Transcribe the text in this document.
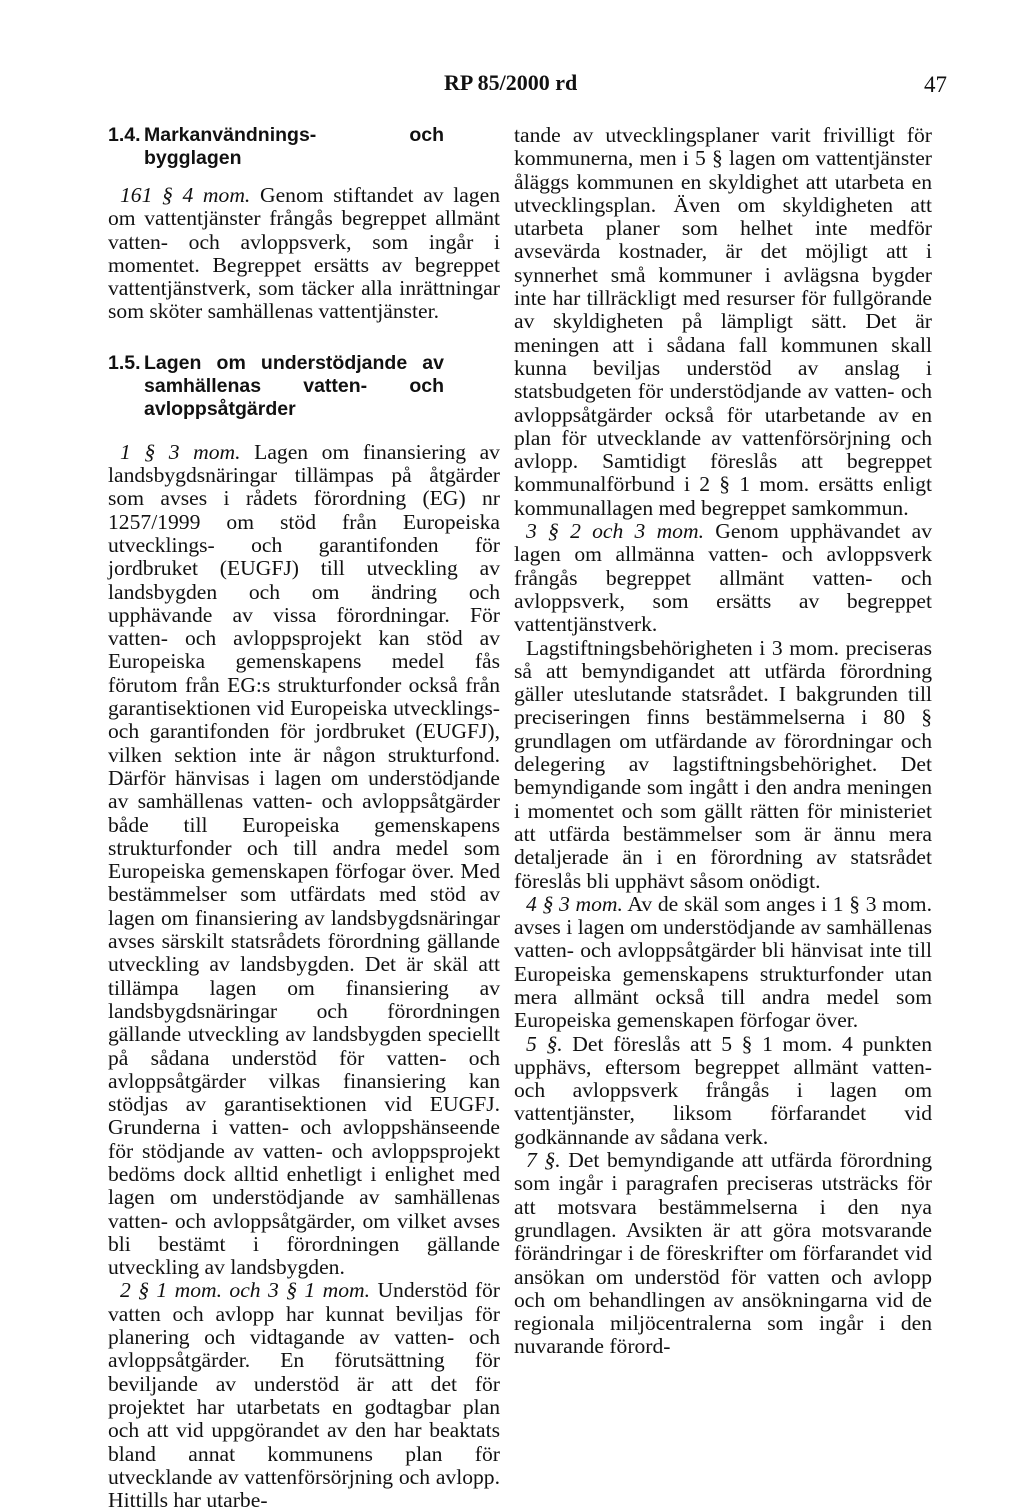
RP 85/2000 rd	47
1.4. Markanvändnings- och bygglagen

161 § 4 mom. Genom stiftandet av lagen om vattentjänster frångås begreppet allmänt vatten- och avloppsverk, som ingår i momentet. Begreppet ersätts av begreppet vattentjänstverk, som täcker alla inrättningar som sköter samhällenas vattentjänster.

1.5. Lagen om understödjande av samhällenas vatten- och avloppsåtgärder

1 § 3 mom. Lagen om finansiering av landsbygdsnäringar tillämpas på åtgärder som avses i rådets förordning (EG) nr 1257/1999 om stöd från Europeiska utvecklings- och garantifonden för jordbruket (EUGFJ) till utveckling av landsbygden och om ändring och upphävande av vissa förordningar. För vatten- och avloppsprojekt kan stöd av Europeiska gemenskapens medel fås förutom från EG:s strukturfonder också från garantisektionen vid Europeiska utvecklings- och garantifonden för jordbruket (EUGFJ), vilken sektion inte är någon strukturfond. Därför hänvisas i lagen om understödjande av samhällenas vatten- och avloppsåtgärder både till Europeiska gemenskapens strukturfonder och till andra medel som Europeiska gemenskapen förfogar över. Med bestämmelser som utfärdats med stöd av lagen om finansiering av landsbygdsnäringar avses särskilt statsrådets förordning gällande utveckling av landsbygden. Det är skäl att tillämpa lagen om finansiering av landsbygdsnäringar och förordningen gällande utveckling av landsbygden speciellt på sådana understöd för vatten- och avloppsåtgärder vilkas finansiering kan stödjas av garantisektionen vid EUGFJ. Grunderna i vatten- och avloppshänseende för stödjande av vatten- och avloppsprojekt bedöms dock alltid enhetligt i enlighet med lagen om understödjande av samhällenas vatten- och avloppsåtgärder, om vilket avses bli bestämt i förordningen gällande utveckling av landsbygden.

2 § 1 mom. och 3 § 1 mom. Understöd för vatten och avlopp har kunnat beviljas för planering och vidtagande av vatten- och avloppsåtgärder. En förutsättning för beviljande av understöd är att det för projektet har utarbetats en godtagbar plan och att vid uppgörandet av den har beaktats bland annat kommunens plan för utvecklande av vattenförsörjning och avlopp. Hittills har utarbe-

tande av utvecklingsplaner varit frivilligt för kommunerna, men i 5 § lagen om vattentjänster åläggs kommunen en skyldighet att utarbeta en utvecklingsplan. Även om skyldigheten att utarbeta planer som helhet inte medför avsevärda kostnader, är det möjligt att i synnerhet små kommuner i avlägsna bygder inte har tillräckligt med resurser för fullgörande av skyldigheten på lämpligt sätt. Det är meningen att i sådana fall kommunen skall kunna beviljas understöd av anslag i statsbudgeten för understödjande av vatten- och avloppsåtgärder också för utarbetande av en plan för utvecklande av vattenförsörjning och avlopp. Samtidigt föreslås att begreppet kommunalförbund i 2 § 1 mom. ersätts enligt kommunallagen med begreppet samkommun.

3 § 2 och 3 mom. Genom upphävandet av lagen om allmänna vatten- och avloppsverk frångås begreppet allmänt vatten- och avloppsverk, som ersätts av begreppet vattentjänstverk.

Lagstiftningsbehörigheten i 3 mom. preciseras så att bemyndigandet att utfärda förordning gäller uteslutande statsrådet. I bakgrunden till preciseringen finns bestämmelserna i 80 § grundlagen om utfärdande av förordningar och delegering av lagstiftningsbehörighet. Det bemyndigande som ingått i den andra meningen i momentet och som gällt rätten för ministeriet att utfärda bestämmelser som är ännu mera detaljerade än i en förordning av statsrådet föreslås bli upphävt såsom onödigt.

4 § 3 mom. Av de skäl som anges i 1 § 3 mom. avses i lagen om understödjande av samhällenas vatten- och avloppsåtgärder bli hänvisat inte till Europeiska gemenskapens strukturfonder utan mera allmänt också till andra medel som Europeiska gemenskapen förfogar över.

5 §. Det föreslås att 5 § 1 mom. 4 punkten upphävs, eftersom begreppet allmänt vatten- och avloppsverk frångås i lagen om vattentjänster, liksom förfarandet vid godkännande av sådana verk.

7 §. Det bemyndigande att utfärda förordning som ingår i paragrafen preciseras utsträcks för att motsvara bestämmelserna i den nya grundlagen. Avsikten är att göra motsvarande förändringar i de föreskrifter om förfarandet vid ansökan om understöd för vatten och avlopp och om behandlingen av ansökningarna vid de regionala miljöcentralerna som ingår i den nuvarande förord-
